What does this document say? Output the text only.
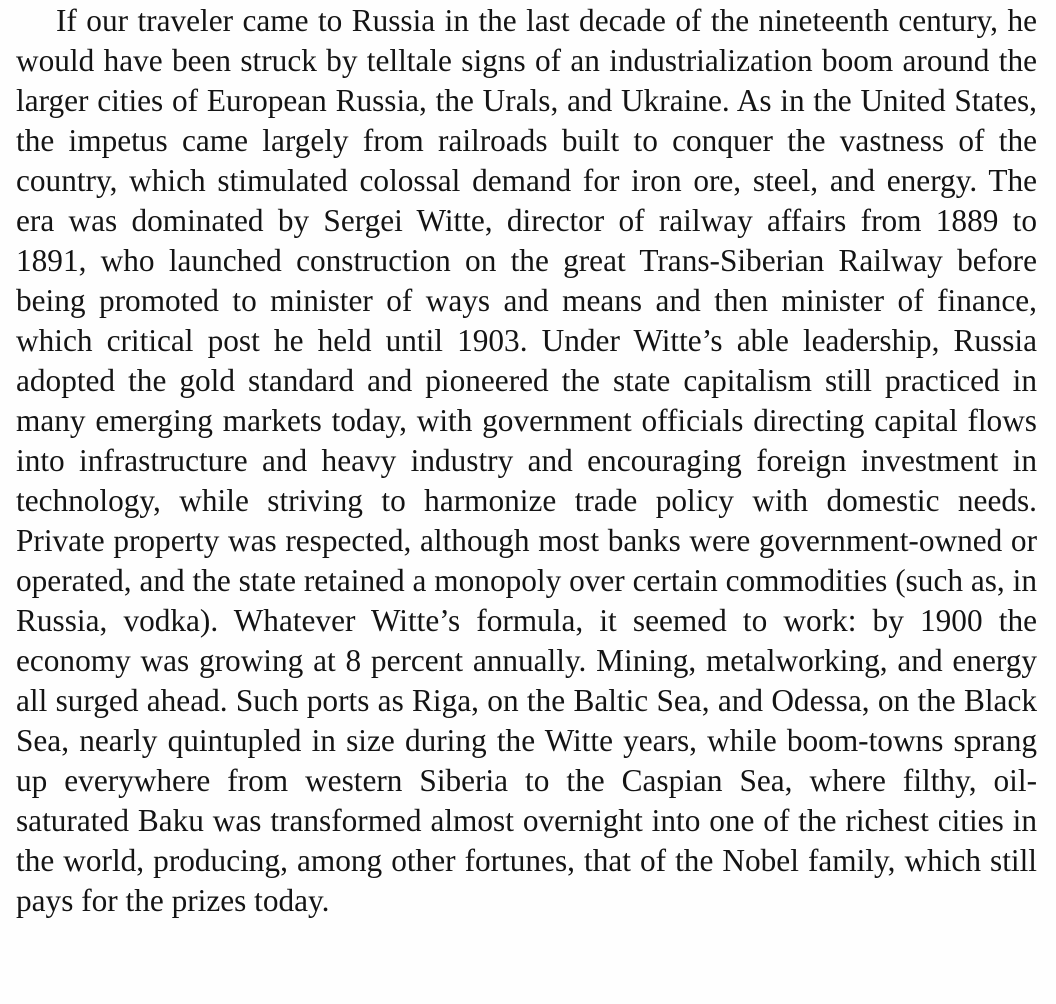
If our traveler came to Russia in the last decade of the nineteenth century, he would have been struck by telltale signs of an industrialization boom around the larger cities of European Russia, the Urals, and Ukraine. As in the United States, the impetus came largely from railroads built to conquer the vastness of the country, which stimulated colossal demand for iron ore, steel, and energy. The era was dominated by Sergei Witte, director of railway affairs from 1889 to 1891, who launched construction on the great Trans-Siberian Railway before being promoted to minister of ways and means and then minister of finance, which critical post he held until 1903. Under Witte’s able leadership, Russia adopted the gold standard and pioneered the state capitalism still practiced in many emerging markets today, with government officials directing capital flows into infrastructure and heavy industry and encouraging foreign investment in technology, while striving to harmonize trade policy with domestic needs. Private property was respected, although most banks were government-owned or operated, and the state retained a monopoly over certain commodities (such as, in Russia, vodka). Whatever Witte’s formula, it seemed to work: by 1900 the economy was growing at 8 percent annually. Mining, metalworking, and energy all surged ahead. Such ports as Riga, on the Baltic Sea, and Odessa, on the Black Sea, nearly quintupled in size during the Witte years, while boom-towns sprang up everywhere from western Siberia to the Caspian Sea, where filthy, oil-saturated Baku was transformed almost overnight into one of the richest cities in the world, producing, among other fortunes, that of the Nobel family, which still pays for the prizes today.
